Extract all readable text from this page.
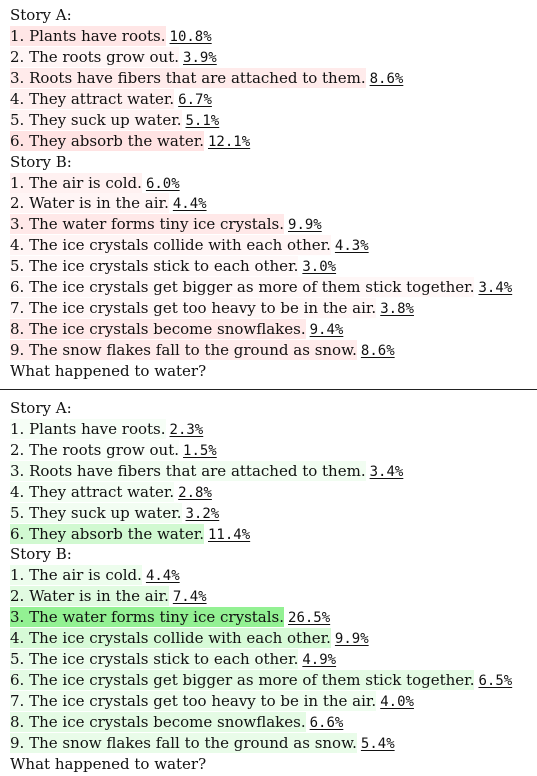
Story A:
1. Plants have roots. 10.8%
2. The roots grow out. 3.9%
3. Roots have fibers that are attached to them. 8.6%
4. They attract water. 6.7%
5. They suck up water. 5.1%
6. They absorb the water. 12.1%
Story B:
1. The air is cold. 6.0%
2. Water is in the air. 4.4%
3. The water forms tiny ice crystals. 9.9%
4. The ice crystals collide with each other. 4.3%
5. The ice crystals stick to each other. 3.0%
6. The ice crystals get bigger as more of them stick together. 3.4%
7. The ice crystals get too heavy to be in the air. 3.8%
8. The ice crystals become snowflakes. 9.4%
9. The snow flakes fall to the ground as snow. 8.6%
What happened to water?
Story A:
1. Plants have roots. 2.3%
2. The roots grow out. 1.5%
3. Roots have fibers that are attached to them. 3.4%
4. They attract water. 2.8%
5. They suck up water. 3.2%
6. They absorb the water. 11.4%
Story B:
1. The air is cold. 4.4%
2. Water is in the air. 7.4%
3. The water forms tiny ice crystals. 26.5%
4. The ice crystals collide with each other. 9.9%
5. The ice crystals stick to each other. 4.9%
6. The ice crystals get bigger as more of them stick together. 6.5%
7. The ice crystals get too heavy to be in the air. 4.0%
8. The ice crystals become snowflakes. 6.6%
9. The snow flakes fall to the ground as snow. 5.4%
What happened to water?
